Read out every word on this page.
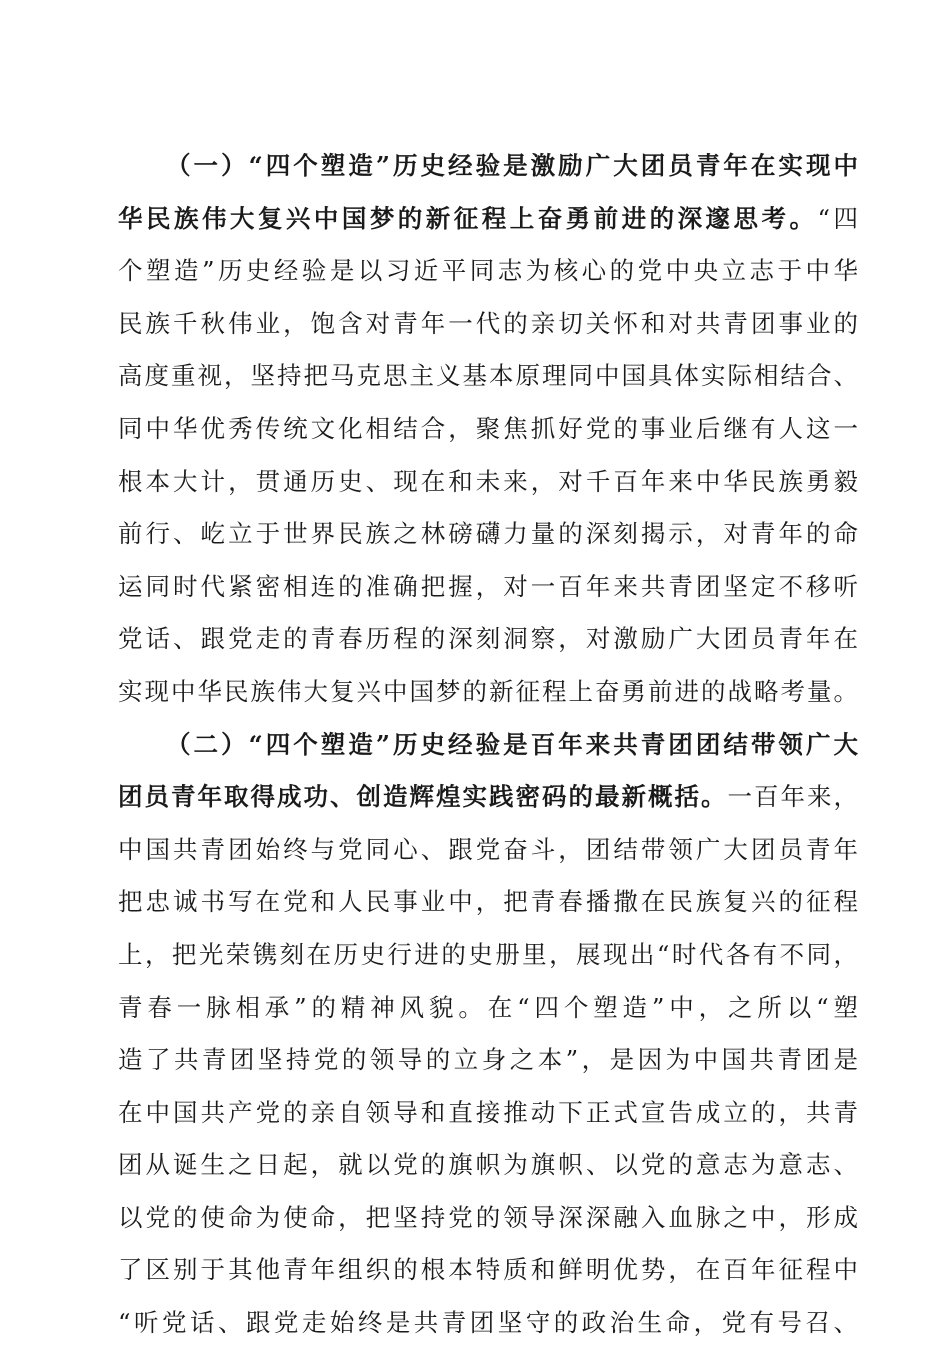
（一）“四个塑造”历史经验是激励广大团员青年在实现中
华民族伟大复兴中国梦的新征程上奋勇前进的深邃思考。“四
个塑造”历史经验是以习近平同志为核心的党中央立志于中华
民族千秋伟业，饱含对青年一代的亲切关怀和对共青团事业的
高度重视，坚持把马克思主义基本原理同中国具体实际相结合、
同中华优秀传统文化相结合，聚焦抓好党的事业后继有人这一
根本大计，贯通历史、现在和未来，对千百年来中华民族勇毅
前行、屹立于世界民族之林磅礴力量的深刻揭示，对青年的命
运同时代紧密相连的准确把握，对一百年来共青团坚定不移听
党话、跟党走的青春历程的深刻洞察，对激励广大团员青年在
实现中华民族伟大复兴中国梦的新征程上奋勇前进的战略考量。
（二）“四个塑造”历史经验是百年来共青团团结带领广大
团员青年取得成功、创造辉煌实践密码的最新概括。一百年来，
中国共青团始终与党同心、跟党奋斗，团结带领广大团员青年
把忠诚书写在党和人民事业中，把青春播撒在民族复兴的征程
上，把光荣镌刻在历史行进的史册里，展现出“时代各有不同，
青春一脉相承”的精神风貌。在“四个塑造”中，之所以“塑
造了共青团坚持党的领导的立身之本”，是因为中国共青团是
在中国共产党的亲自领导和直接推动下正式宣告成立的，共青
团从诞生之日起，就以党的旗帜为旗帜、以党的意志为意志、
以党的使命为使命，把坚持党的领导深深融入血脉之中，形成
了区别于其他青年组织的根本特质和鲜明优势，在百年征程中
“听党话、跟党走始终是共青团坚守的政治生命，党有号召、
